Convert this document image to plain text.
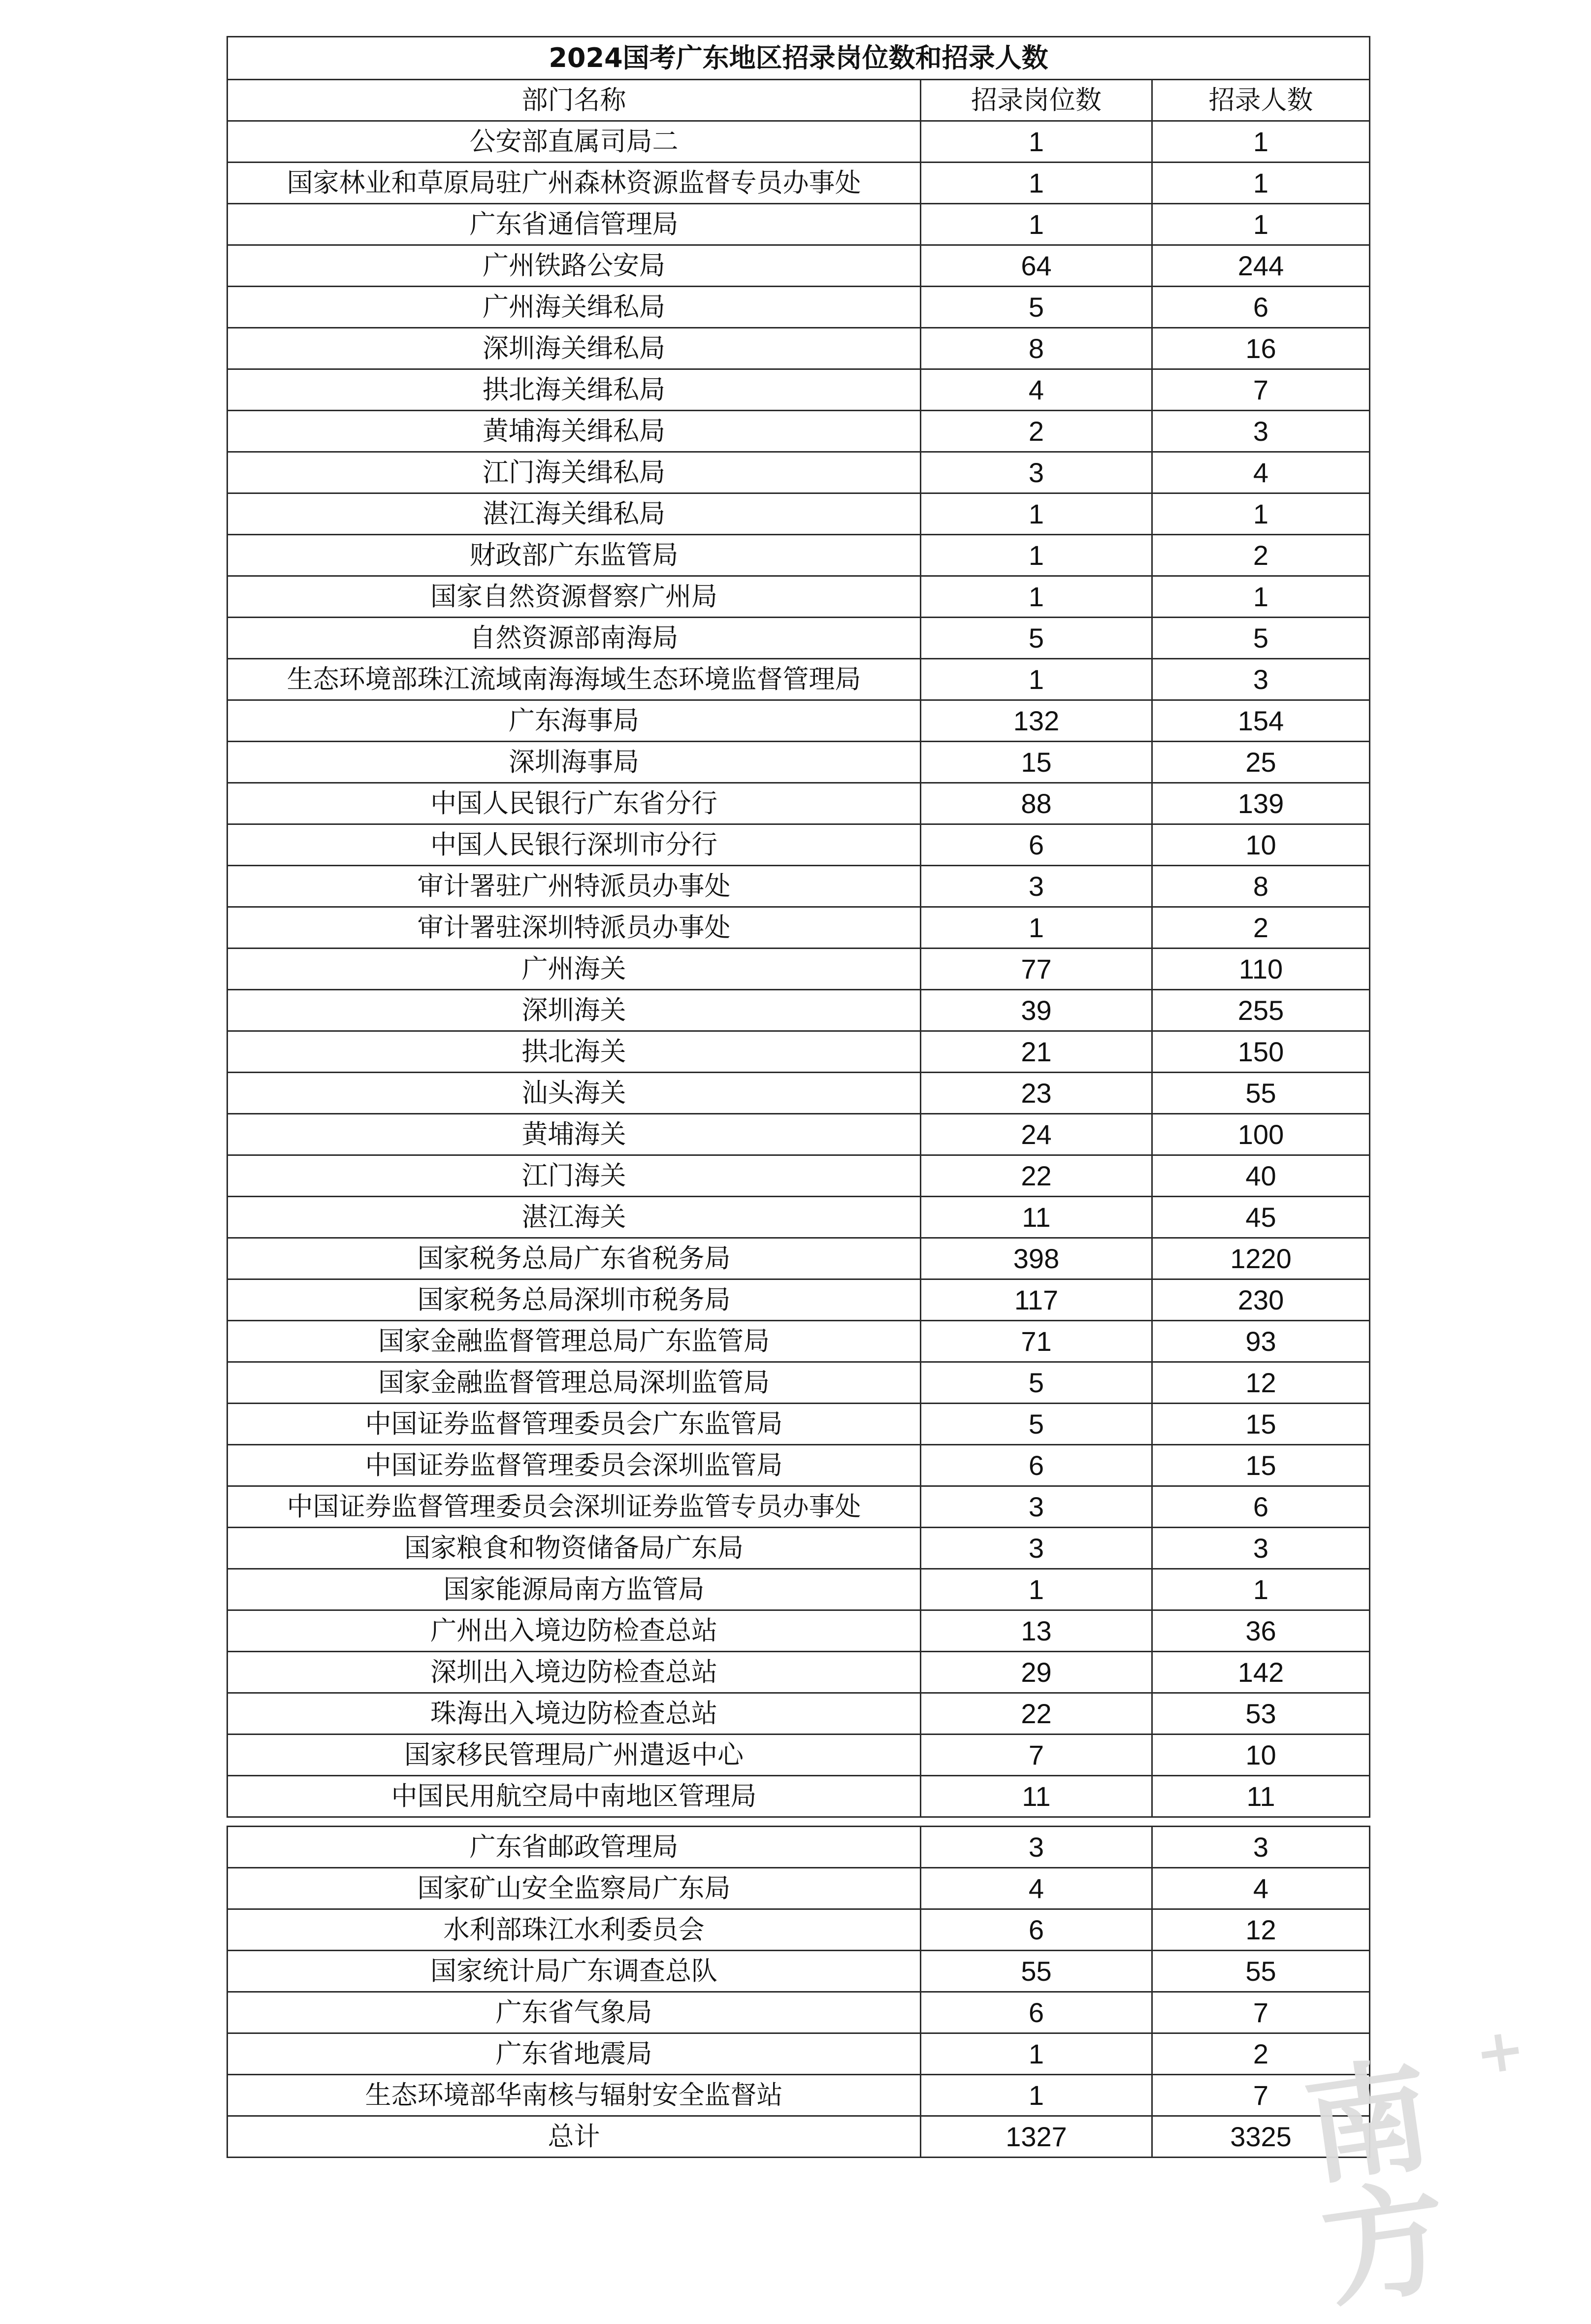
2024国考广东地区招录岗位数和招录人数		
部门名称	招录岗位数	招录人数
公安部直属司局二	1	1
国家林业和草原局驻广州森林资源监督专员办事处	1	1
广东省通信管理局	1	1
广州铁路公安局	64	244
广州海关缉私局	5	6
深圳海关缉私局	8	16
拱北海关缉私局	4	7
黄埔海关缉私局	2	3
江门海关缉私局	3	4
湛江海关缉私局	1	1
财政部广东监管局	1	2
国家自然资源督察广州局	1	1
自然资源部南海局	5	5
生态环境部珠江流域南海海域生态环境监督管理局	1	3
广东海事局	132	154
深圳海事局	15	25
中国人民银行广东省分行	88	139
中国人民银行深圳市分行	6	10
审计署驻广州特派员办事处	3	8
审计署驻深圳特派员办事处	1	2
广州海关	77	110
深圳海关	39	255
拱北海关	21	150
汕头海关	23	55
黄埔海关	24	100
江门海关	22	40
湛江海关	11	45
国家税务总局广东省税务局	398	1220
国家税务总局深圳市税务局	117	230
国家金融监督管理总局广东监管局	71	93
国家金融监督管理总局深圳监管局	5	12
中国证券监督管理委员会广东监管局	5	15
中国证券监督管理委员会深圳监管局	6	15
中国证券监督管理委员会深圳证券监管专员办事处	3	6
国家粮食和物资储备局广东局	3	3
国家能源局南方监管局	1	1
广州出入境边防检查总站	13	36
深圳出入境边防检查总站	29	142
珠海出入境边防检查总站	22	53
国家移民管理局广州遣返中心	7	10
中国民用航空局中南地区管理局	11	11
广东省邮政管理局	3	3
国家矿山安全监察局广东局	4	4
水利部珠江水利委员会	6	12
国家统计局广东调查总队	55	55
广东省气象局	6	7
广东省地震局	1	2
生态环境部华南核与辐射安全监督站	1	7
总计	1327	3325 南方
+
